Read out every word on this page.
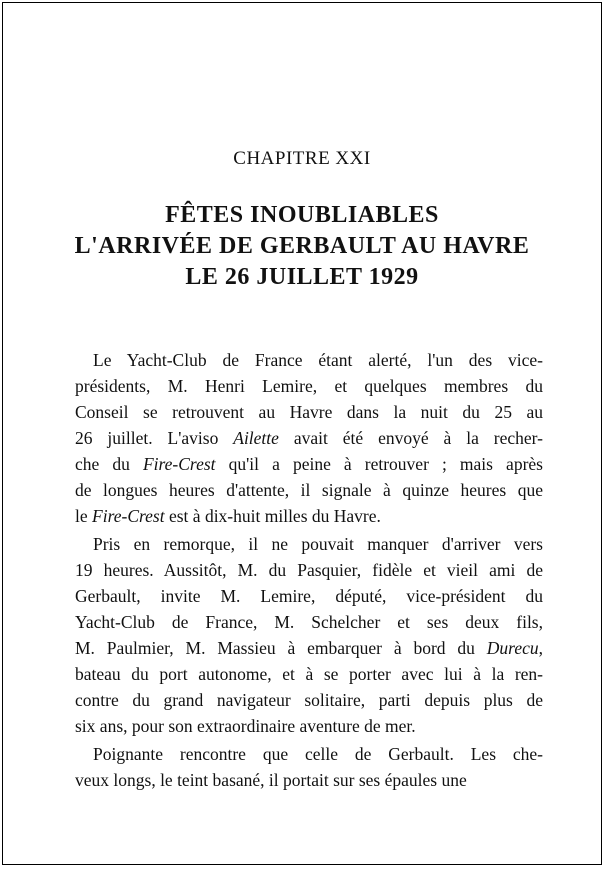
CHAPITRE XXI
FÊTES INOUBLIABLES
L'ARRIVÉE DE GERBAULT AU HAVRE
LE 26 JUILLET 1929
Le Yacht-Club de France étant alerté, l'un des vice-
présidents, M. Henri Lemire, et quelques membres du
Conseil se retrouvent au Havre dans la nuit du 25 au
26 juillet. L'aviso Ailette avait été envoyé à la recher-
che du Fire-Crest qu'il a peine à retrouver ; mais après
de longues heures d'attente, il signale à quinze heures que
le Fire-Crest est à dix-huit milles du Havre.
Pris en remorque, il ne pouvait manquer d'arriver vers
19 heures. Aussitôt, M. du Pasquier, fidèle et vieil ami de
Gerbault, invite M. Lemire, député, vice-président du
Yacht-Club de France, M. Schelcher et ses deux fils,
M. Paulmier, M. Massieu à embarquer à bord du Durecu,
bateau du port autonome, et à se porter avec lui à la ren-
contre du grand navigateur solitaire, parti depuis plus de
six ans, pour son extraordinaire aventure de mer.
Poignante rencontre que celle de Gerbault. Les che-
veux longs, le teint basané, il portait sur ses épaules une
